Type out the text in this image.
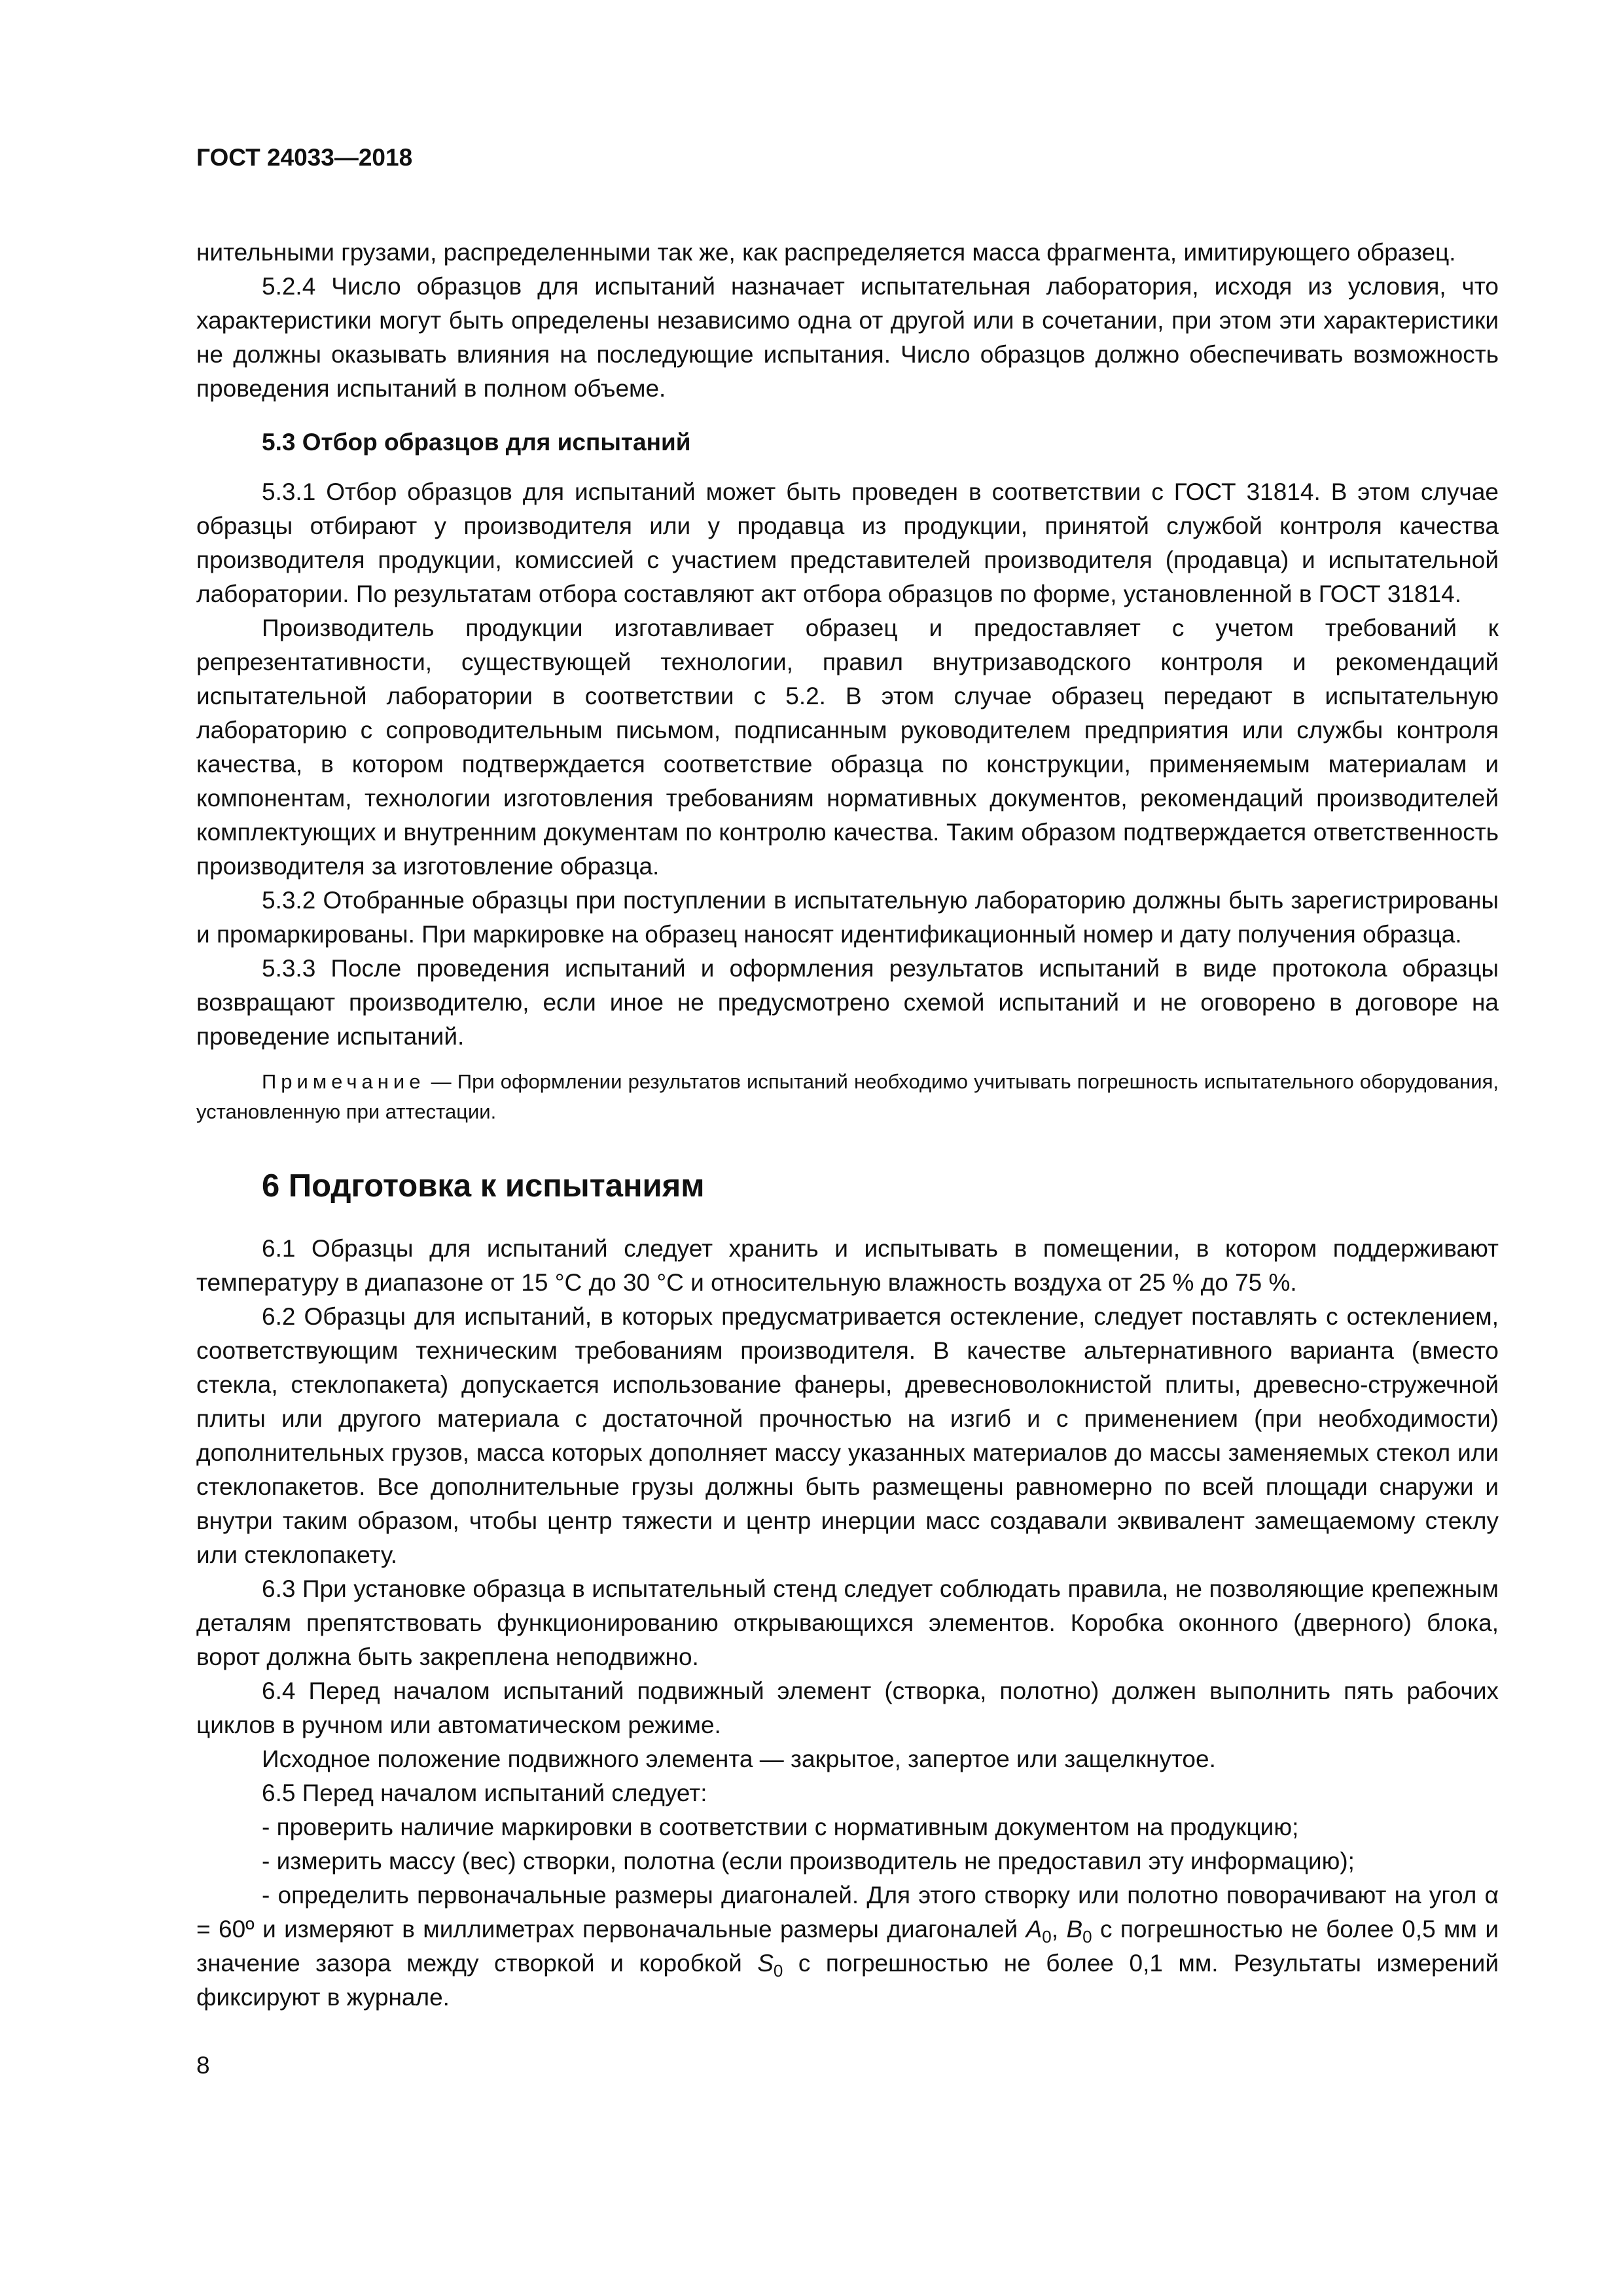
ГОСТ 24033—2018

нительными грузами, распределенными так же, как распределяется масса фрагмента, имитирующего образец.

5.2.4 Число образцов для испытаний назначает испытательная лаборатория, исходя из условия, что характеристики могут быть определены независимо одна от другой или в сочетании, при этом эти характеристики не должны оказывать влияния на последующие испытания. Число образцов должно обеспечивать возможность проведения испытаний в полном объеме.

5.3 Отбор образцов для испытаний

5.3.1 Отбор образцов для испытаний может быть проведен в соответствии с ГОСТ 31814. В этом случае образцы отбирают у производителя или у продавца из продукции, принятой службой контроля качества производителя продукции, комиссией с участием представителей производителя (продавца) и испытательной лаборатории. По результатам отбора составляют акт отбора образцов по форме, установленной в ГОСТ 31814.

Производитель продукции изготавливает образец и предоставляет с учетом требований к репрезентативности, существующей технологии, правил внутризаводского контроля и рекомендаций испытательной лаборатории в соответствии с 5.2. В этом случае образец передают в испытательную лабораторию с сопроводительным письмом, подписанным руководителем предприятия или службы контроля качества, в котором подтверждается соответствие образца по конструкции, применяемым материалам и компонентам, технологии изготовления требованиям нормативных документов, рекомендаций производителей комплектующих и внутренним документам по контролю качества. Таким образом подтверждается ответственность производителя за изготовление образца.

5.3.2 Отобранные образцы при поступлении в испытательную лабораторию должны быть зарегистрированы и промаркированы. При маркировке на образец наносят идентификационный номер и дату получения образца.

5.3.3 После проведения испытаний и оформления результатов испытаний в виде протокола образцы возвращают производителю, если иное не предусмотрено схемой испытаний и не оговорено в договоре на проведение испытаний.

Примечание — При оформлении результатов испытаний необходимо учитывать погрешность испытательного оборудования, установленную при аттестации.

6 Подготовка к испытаниям

6.1 Образцы для испытаний следует хранить и испытывать в помещении, в котором поддерживают температуру в диапазоне от 15 °С до 30 °С и относительную влажность воздуха от 25 % до 75 %.

6.2 Образцы для испытаний, в которых предусматривается остекление, следует поставлять с остеклением, соответствующим техническим требованиям производителя. В качестве альтернативного варианта (вместо стекла, стеклопакета) допускается использование фанеры, древесноволокнистой плиты, древесно-стружечной плиты или другого материала с достаточной прочностью на изгиб и с применением (при необходимости) дополнительных грузов, масса которых дополняет массу указанных материалов до массы заменяемых стекол или стеклопакетов. Все дополнительные грузы должны быть размещены равномерно по всей площади снаружи и внутри таким образом, чтобы центр тяжести и центр инерции масс создавали эквивалент замещаемому стеклу или стеклопакету.

6.3 При установке образца в испытательный стенд следует соблюдать правила, не позволяющие крепежным деталям препятствовать функционированию открывающихся элементов. Коробка оконного (дверного) блока, ворот должна быть закреплена неподвижно.

6.4 Перед началом испытаний подвижный элемент (створка, полотно) должен выполнить пять рабочих циклов в ручном или автоматическом режиме.

Исходное положение подвижного элемента — закрытое, запертое или защелкнутое.

6.5 Перед началом испытаний следует:

- проверить наличие маркировки в соответствии с нормативным документом на продукцию;

- измерить массу (вес) створки, полотна (если производитель не предоставил эту информацию);

- определить первоначальные размеры диагоналей. Для этого створку или полотно поворачивают на угол α = 60º и измеряют в миллиметрах первоначальные размеры диагоналей $A_0$, $B_0$ с погрешностью не более 0,5 мм и значение зазора между створкой и коробкой $S_0$ с погрешностью не более 0,1 мм. Результаты измерений фиксируют в журнале.

8
